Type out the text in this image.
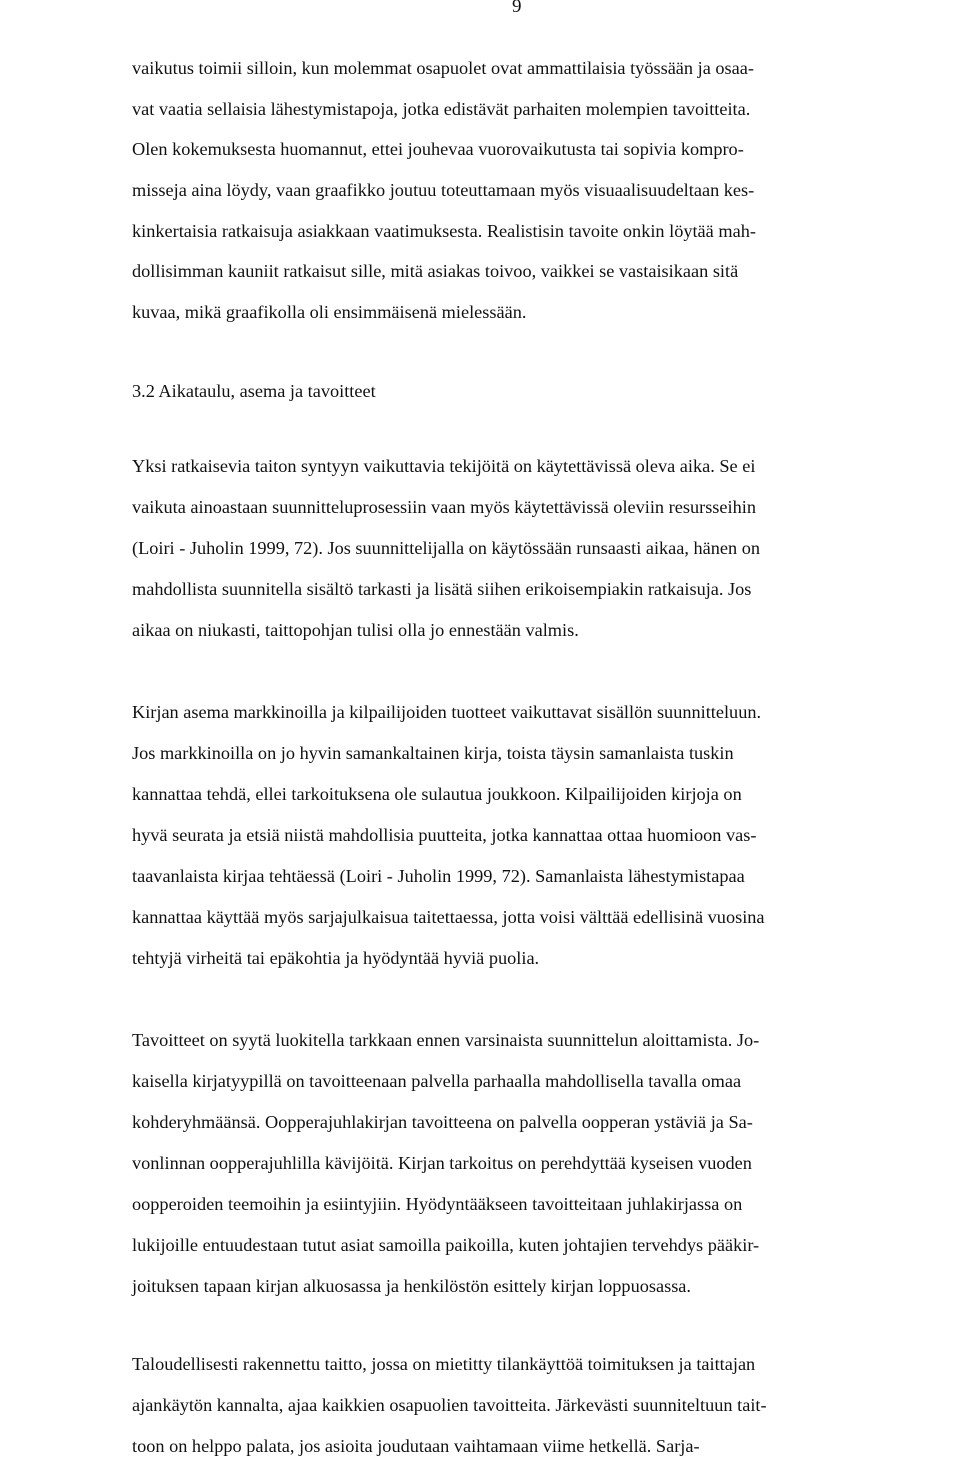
9
vaikutus toimii silloin, kun molemmat osapuolet ovat ammattilaisia työssään ja osaa-
vat vaatia sellaisia lähestymistapoja, jotka edistävät parhaiten molempien tavoitteita.
Olen kokemuksesta huomannut, ettei jouhevaa vuorovaikutusta tai sopivia kompro-
misseja aina löydy, vaan graafikko joutuu toteuttamaan myös visuaalisuudeltaan kes-
kinkertaisia ratkaisuja asiakkaan vaatimuksesta. Realistisin tavoite onkin löytää mah-
dollisimman kauniit ratkaisut sille, mitä asiakas toivoo, vaikkei se vastaisikaan sitä
kuvaa, mikä graafikolla oli ensimmäisenä mielessään.
3.2 Aikataulu, asema ja tavoitteet
Yksi ratkaisevia taiton syntyyn vaikuttavia tekijöitä on käytettävissä oleva aika. Se ei
vaikuta ainoastaan suunnitteluprosessiin vaan myös käytettävissä oleviin resursseihin
(Loiri - Juholin 1999, 72). Jos suunnittelijalla on käytössään runsaasti aikaa, hänen on
mahdollista suunnitella sisältö tarkasti ja lisätä siihen erikoisempiakin ratkaisuja. Jos
aikaa on niukasti, taittopohjan tulisi olla jo ennestään valmis.
Kirjan asema markkinoilla ja kilpailijoiden tuotteet vaikuttavat sisällön suunnitteluun.
Jos markkinoilla on jo hyvin samankaltainen kirja, toista täysin samanlaista tuskin
kannattaa tehdä, ellei tarkoituksena ole sulautua joukkoon. Kilpailijoiden kirjoja on
hyvä seurata ja etsiä niistä mahdollisia puutteita, jotka kannattaa ottaa huomioon vas-
taavanlaista kirjaa tehtäessä (Loiri - Juholin 1999, 72). Samanlaista lähestymistapaa
kannattaa käyttää myös sarjajulkaisua taitettaessa, jotta voisi välttää edellisinä vuosina
tehtyjä virheitä tai epäkohtia ja hyödyntää hyviä puolia.
Tavoitteet on syytä luokitella tarkkaan ennen varsinaista suunnittelun aloittamista. Jo-
kaisella kirjatyypillä on tavoitteenaan palvella parhaalla mahdollisella tavalla omaa
kohderyhmäänsä. Oopperajuhlakirjan tavoitteena on palvella oopperan ystäviä ja Sa-
vonlinnan oopperajuhlilla kävijöitä. Kirjan tarkoitus on perehdyttää kyseisen vuoden
oopperoiden teemoihin ja esiintyjiin. Hyödyntääkseen tavoitteitaan juhlakirjassa on
lukijoille entuudestaan tutut asiat samoilla paikoilla, kuten johtajien tervehdys pääkir-
joituksen tapaan kirjan alkuosassa ja henkilöstön esittely kirjan loppuosassa.
Taloudellisesti rakennettu taitto, jossa on mietitty tilankäyttöä toimituksen ja taittajan
ajankäytön kannalta, ajaa kaikkien osapuolien tavoitteita. Järkevästi suunniteltuun tait-
toon on helppo palata, jos asioita joudutaan vaihtamaan viime hetkellä. Sarja-
